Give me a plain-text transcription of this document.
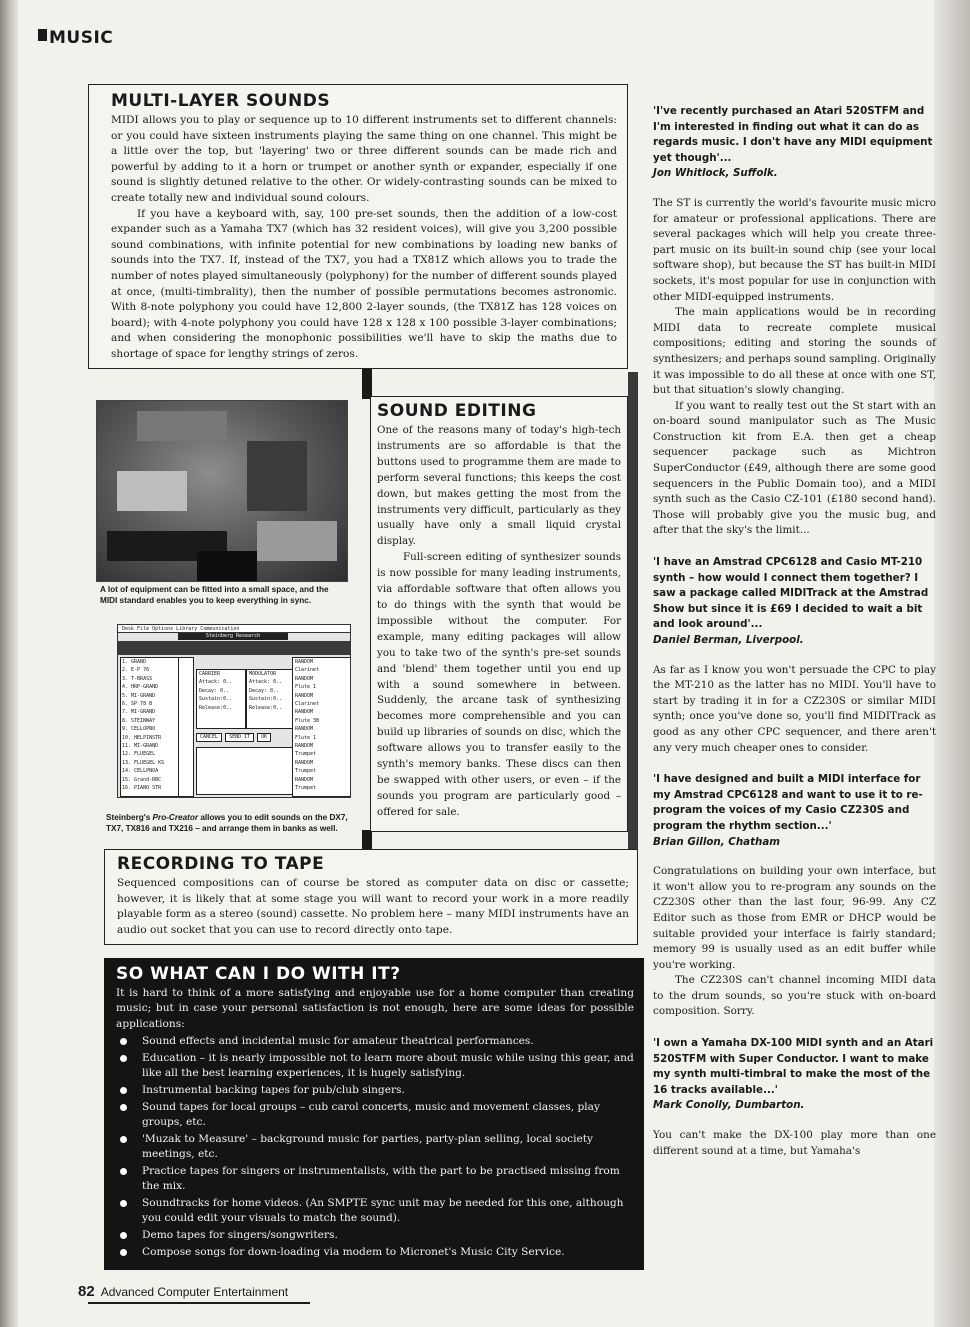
MUSIC
MULTI-LAYER SOUNDS

MIDI allows you to play or sequence up to 10 different instruments set to different channels: or you could have sixteen instruments playing the same thing on one channel. This might be a little over the top, but 'layering' two or three different sounds can be made rich and powerful by adding to it a horn or trumpet or another synth or expander, especially if one sound is slightly detuned relative to the other. Or widely-contrasting sounds can be mixed to create totally new and individual sound colours.

If you have a keyboard with, say, 100 pre-set sounds, then the addition of a low-cost expander such as a Yamaha TX7 (which has 32 resident voices), will give you 3,200 possible sound combinations, with infinite potential for new combinations by loading new banks of sounds into the TX7. If, instead of the TX7, you had a TX81Z which allows you to trade the number of notes played simultaneously (polyphony) for the number of different sounds played at once, (multi-timbrality), then the number of possible permutations becomes astronomic. With 8-note polyphony you could have 12,800 2-layer sounds, (the TX81Z has 128 voices on board); with 4-note polyphony you could have 128 x 128 x 100 possible 3-layer combinations; and when considering the monophonic possibilities we'll have to skip the maths due to shortage of space for lengthy strings of zeros.

A lot of equipment can be fitted into a small space, and the MIDI standard enables you to keep everything in sync.
Desk File Options Library Communication
Steinberg Research
1. GRAND
2. E-P 76
3. T-BRASS
4. HRP-GRAND
5. MI-GRAND
6. SP 78 B
7. MI-GRAND
8. STEINWAY
9. CELLOPNO
10. HELPINSTR
11. MI-GRAND
12. FLUEGEL
13. FLUEGEL KS
14. CELLPNOA
15. Grand-RBC
16. PIANO STR
CARRIER
Attack: 0..
Decay: 0..
Sustain:0..
Release:0..
MODULATOR
Attack: 0..
Decay: 0..
Sustain:0..
Release:0..
CANCEL SEND IT OK
RANDOM
Clarinet
RANDOM
Flute 1
RANDOM
Clarinet
RANDOM
Flute 3B
RANDOM
Flute 1
RANDOM
Trumpet
RANDOM
Trumpet
RANDOM
Trumpet
Steinberg's Pro-Creator allows you to edit sounds on the DX7, TX7, TX816 and TX216 – and arrange them in banks as well.
SOUND EDITING

One of the reasons many of today's high-tech instruments are so affordable is that the buttons used to programme them are made to perform several functions; this keeps the cost down, but makes getting the most from the instruments very difficult, particularly as they usually have only a small liquid crystal display.

Full-screen editing of synthesizer sounds is now possible for many leading instruments, via affordable software that often allows you to do things with the synth that would be impossible without the computer. For example, many editing packages will allow you to take two of the synth's pre-set sounds and 'blend' them together until you end up with a sound somewhere in between. Suddenly, the arcane task of synthesizing becomes more comprehensible and you can build up libraries of sounds on disc, which the software allows you to transfer easily to the synth's memory banks. These discs can then be swapped with other users, or even – if the sounds you program are particularly good – offered for sale.

RECORDING TO TAPE
Sequenced compositions can of course be stored as computer data on disc or cassette; however, it is likely that at some stage you will want to record your work in a more readily playable form as a stereo (sound) cassette. No problem here – many MIDI instruments have an audio out socket that you can use to record directly onto tape.
SO WHAT CAN I DO WITH IT?
It is hard to think of a more satisfying and enjoyable use for a home computer than creating music; but in case your personal satisfaction is not enough, here are some ideas for possible applications:
Sound effects and incidental music for amateur theatrical performances.
Education – it is nearly impossible not to learn more about music while using this gear, and like all the best learning experiences, it is hugely satisfying.
Instrumental backing tapes for pub/club singers.
Sound tapes for local groups – cub carol concerts, music and movement classes, play groups, etc.
'Muzak to Measure' – background music for parties, party-plan selling, local society meetings, etc.
Practice tapes for singers or instrumentalists, with the part to be practised missing from the mix.
Soundtracks for home videos. (An SMPTE sync unit may be needed for this one, although you could edit your visuals to match the sound).
Demo tapes for singers/songwriters.
Compose songs for down-loading via modem to Micronet's Music City Service.

'I've recently purchased an Atari 520STFM and I'm interested in finding out what it can do as regards music. I don't have any MIDI equipment yet though'...

Jon Whitlock, Suffolk.

The ST is currently the world's favourite music micro for amateur or professional applications. There are several packages which will help you create three-part music on its built-in sound chip (see your local software shop), but because the ST has built-in MIDI sockets, it's most popular for use in conjunction with other MIDI-equipped instruments.

The main applications would be in recording MIDI data to recreate complete musical compositions; editing and storing the sounds of synthesizers; and perhaps sound sampling. Originally it was impossible to do all these at once with one ST, but that situation's slowly changing.

If you want to really test out the St start with an on-board sound manipulator such as The Music Construction kit from E.A. then get a cheap sequencer package such as Michtron SuperConductor (£49, although there are some good sequencers in the Public Domain too), and a MIDI synth such as the Casio CZ-101 (£180 second hand). Those will probably give you the music bug, and after that the sky's the limit...

'I have an Amstrad CPC6128 and Casio MT-210 synth – how would I connect them together? I saw a package called MIDITrack at the Amstrad Show but since it is £69 I decided to wait a bit and look around'...

Daniel Berman, Liverpool.

As far as I know you won't persuade the CPC to play the MT-210 as the latter has no MIDI. You'll have to start by trading it in for a CZ230S or similar MIDI synth; once you've done so, you'll find MIDITrack as good as any other CPC sequencer, and there aren't any very much cheaper ones to consider.

'I have designed and built a MIDI interface for my Amstrad CPC6128 and want to use it to re-program the voices of my Casio CZ230S and program the rhythm section...'

Brian Gillon, Chatham

Congratulations on building your own interface, but it won't allow you to re-program any sounds on the CZ230S other than the last four, 96-99. Any CZ Editor such as those from EMR or DHCP would be suitable provided your interface is fairly standard; memory 99 is usually used as an edit buffer while you're working.

The CZ230S can't channel incoming MIDI data to the drum sounds, so you're stuck with on-board composition. Sorry.

'I own a Yamaha DX-100 MIDI synth and an Atari 520STFM with Super Conductor. I want to make my synth multi-timbral to make the most of the 16 tracks available...'

Mark Conolly, Dumbarton.

You can't make the DX-100 play more than one different sound at a time, but Yamaha's

82 Advanced Computer Entertainment
